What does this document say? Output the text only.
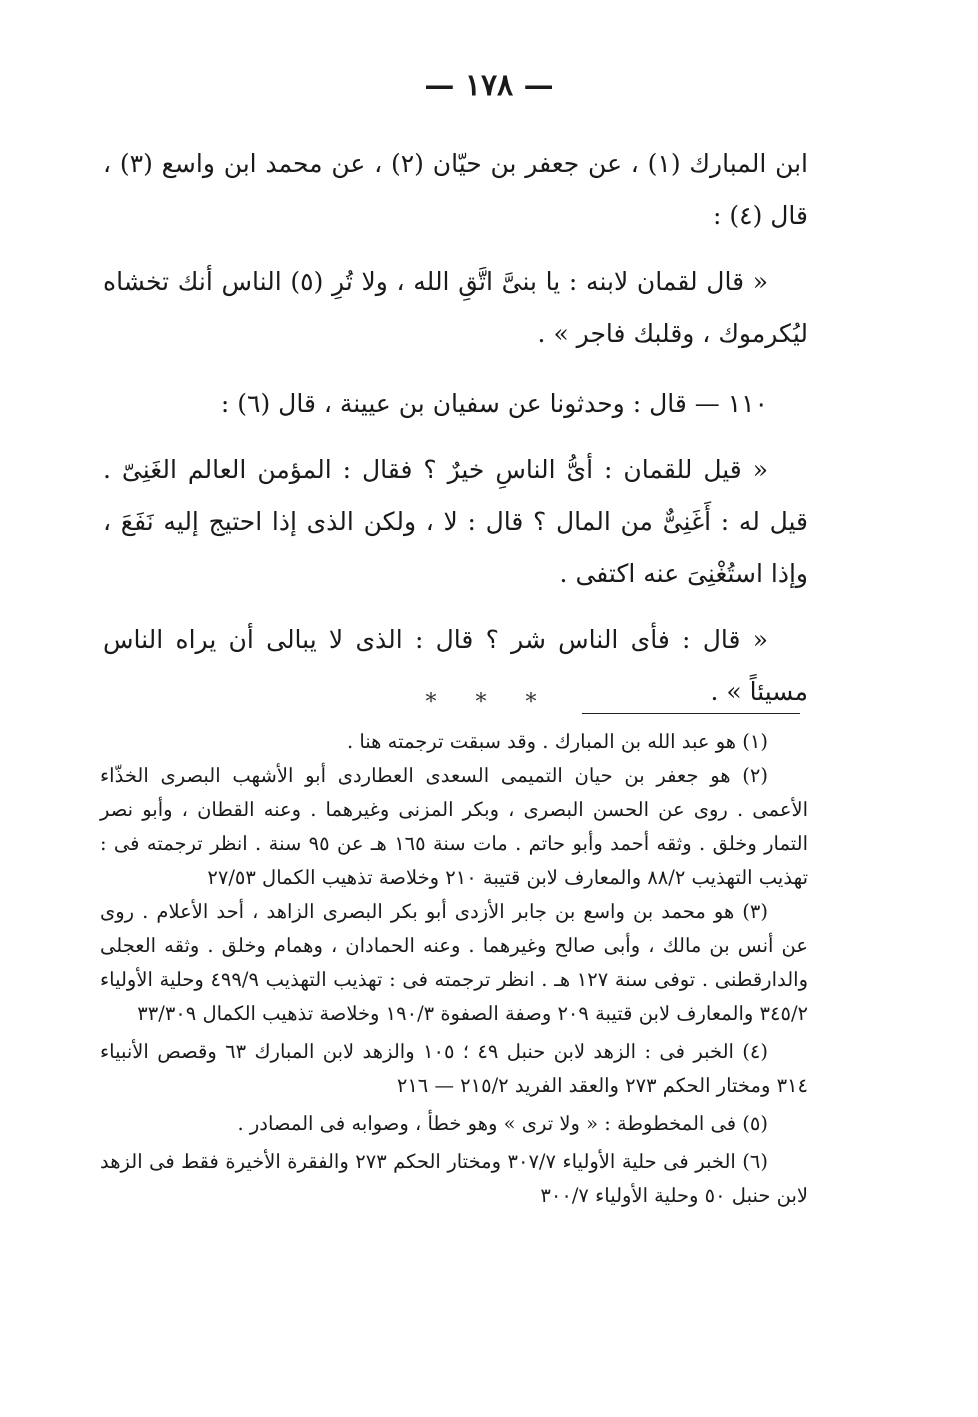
— ١٧٨ —

ابن المبارك (١) ، عن جعفر بن حيّان (٢) ، عن محمد ابن واسع (٣) ، قال (٤) :

« قال لقمان لابنه : يا بنىَّ اتَّقِ الله ، ولا تُرِ (٥) الناس أنك تخشاه ليُكرموك ، وقلبك فاجر » .

١١٠ — قال : وحدثونا عن سفيان بن عيينة ، قال (٦) :

« قيل للقمان : أىُّ الناسِ خيرٌ ؟ فقال : المؤمن العالم الغَنِىّ . قيل له : أَغَنِىٌّ من المال ؟ قال : لا ، ولكن الذى إذا احتيج إليه نَفَعَ ، وإذا استُغْنِىَ عنه اكتفى .

« قال : فأى الناس شر ؟ قال : الذى لا يبالى أن يراه الناس مسيئاً » .

* * *

(١) هو عبد الله بن المبارك . وقد سبقت ترجمته هنا .

(٢) هو جعفر بن حيان التميمى السعدى العطاردى أبو الأشهب البصرى الخذّاء الأعمى . روى عن الحسن البصرى ، وبكر المزنى وغيرهما . وعنه القطان ، وأبو نصر التمار وخلق . وثقه أحمد وأبو حاتم . مات سنة ١٦٥ هـ عن ٩٥ سنة . انظر ترجمته فى : تهذيب التهذيب ٨٨/٢ والمعارف لابن قتيبة ٢١٠ وخلاصة تذهيب الكمال ٢٧/٥٣

(٣) هو محمد بن واسع بن جابر الأزدى أبو بكر البصرى الزاهد ، أحد الأعلام . روى عن أنس بن مالك ، وأبى صالح وغيرهما . وعنه الحمادان ، وهمام وخلق . وثقه العجلى والدارقطنى . توفى سنة ١٢٧ هـ . انظر ترجمته فى : تهذيب التهذيب ٤٩٩/٩ وحلية الأولياء ٣٤٥/٢ والمعارف لابن قتيبة ٢٠٩ وصفة الصفوة ١٩٠/٣ وخلاصة تذهيب الكمال ٣٣/٣٠٩

(٤) الخبر فى : الزهد لابن حنبل ٤٩ ؛ ١٠٥ والزهد لابن المبارك ٦٣ وقصص الأنبياء ٣١٤ ومختار الحكم ٢٧٣ والعقد الفريد ٢١٥/٢ — ٢١٦

(٥) فى المخطوطة : « ولا ترى » وهو خطأ ، وصوابه فى المصادر .

(٦) الخبر فى حلية الأولياء ٣٠٧/٧ ومختار الحكم ٢٧٣ والفقرة الأخيرة فقط فى الزهد لابن حنبل ٥٠ وحلية الأولياء ٣٠٠/٧
